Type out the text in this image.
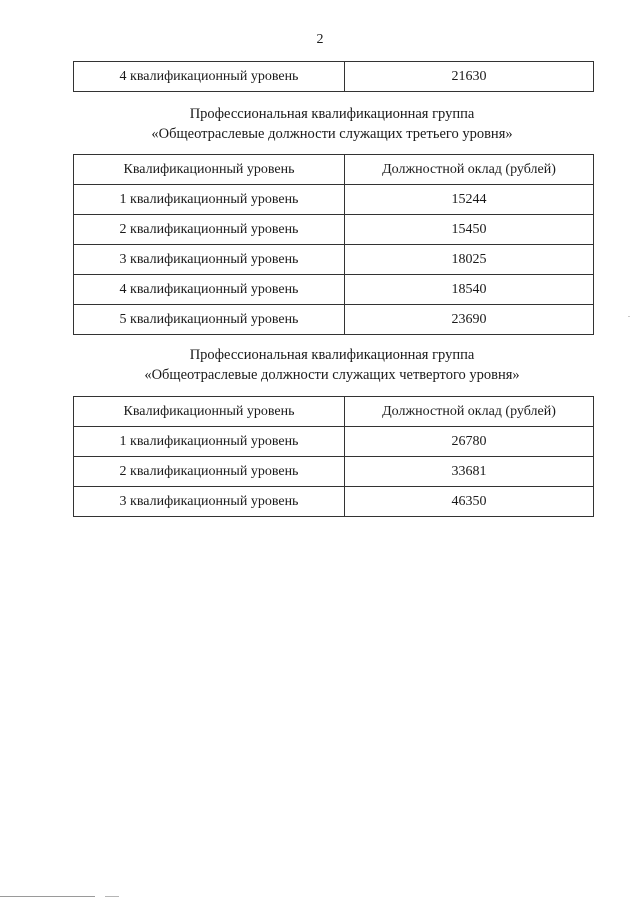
2
4 квалификационный уровень	21630
Профессиональная квалификационная группа
«Общеотраслевые должности служащих третьего уровня»
Квалификационный уровень	Должностной оклад (рублей)
1 квалификационный уровень	15244
2 квалификационный уровень	15450
3 квалификационный уровень	18025
4 квалификационный уровень	18540
5 квалификационный уровень	23690
Профессиональная квалификационная группа
«Общеотраслевые должности служащих четвертого уровня»
Квалификационный уровень	Должностной оклад (рублей)
1 квалификационный уровень	26780
2 квалификационный уровень	33681
3 квалификационный уровень	46350
